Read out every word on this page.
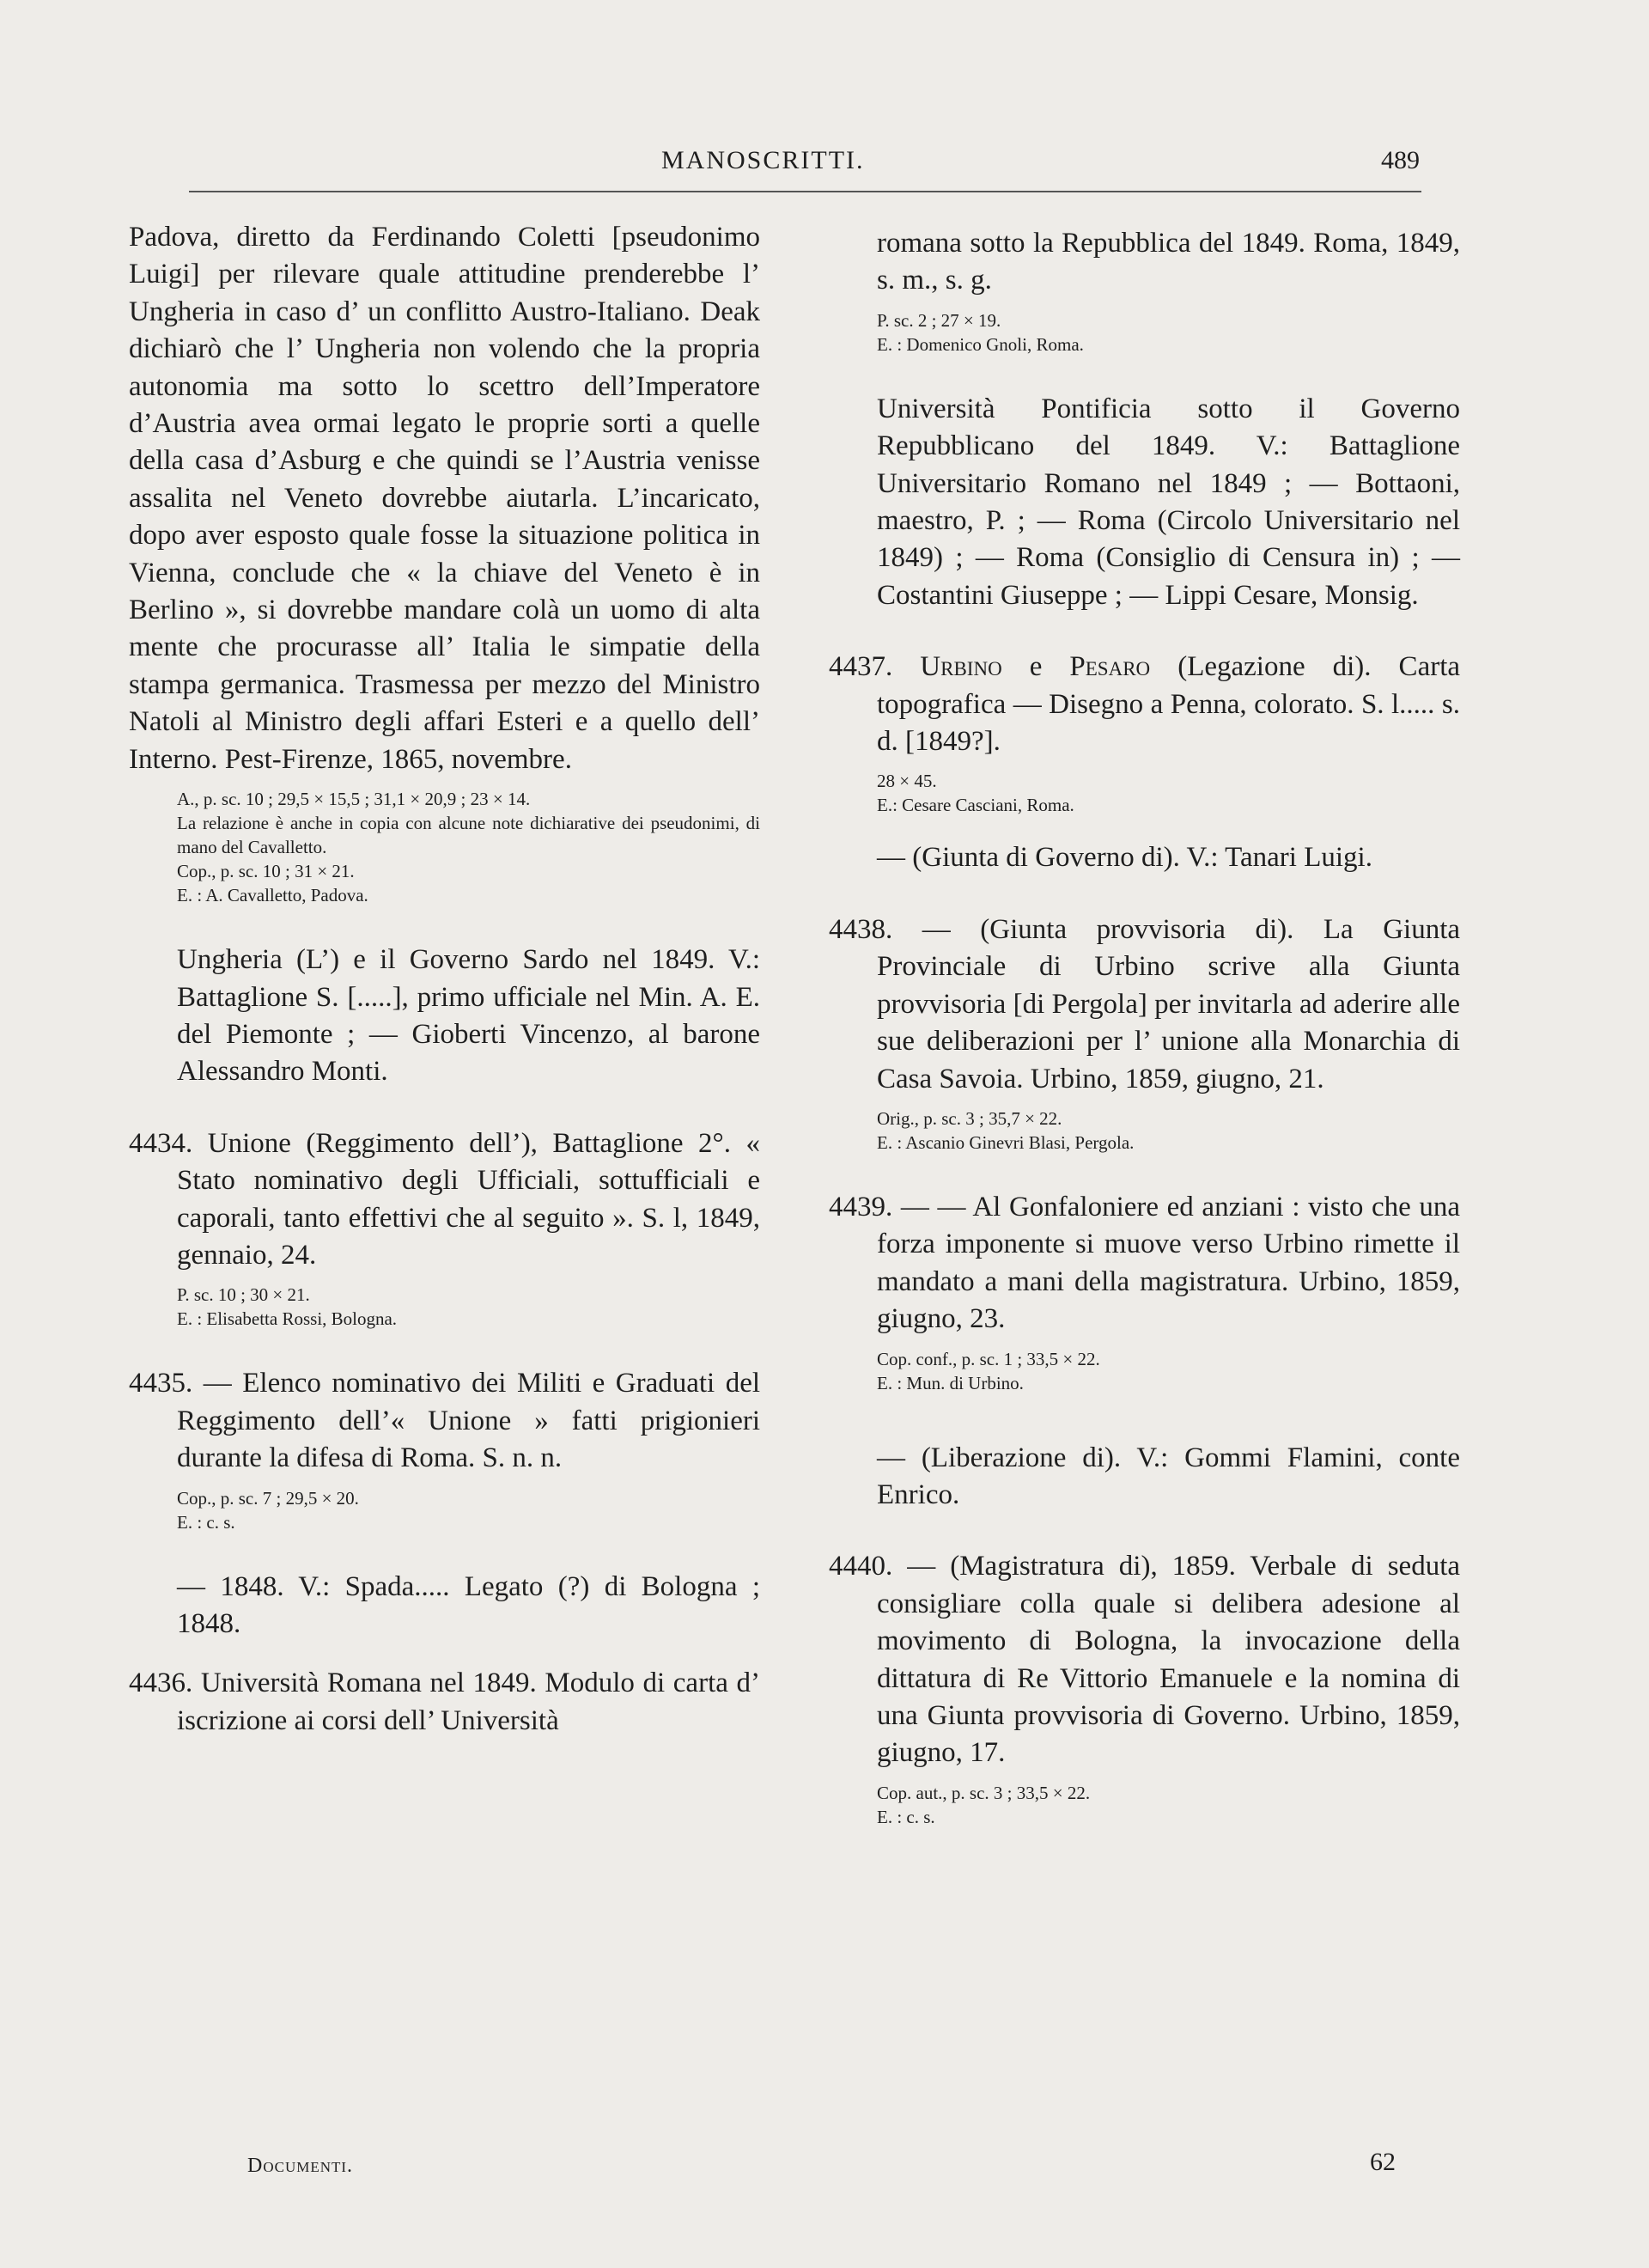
MANOSCRITTI.	489

Padova, diretto da Ferdinando Coletti [pseudonimo Luigi] per rilevare quale attitudine prenderebbe l’ Ungheria in caso d’ un conflitto Austro-Italiano. Deak dichiarò che l’ Ungheria non volendo che la propria autonomia ma sotto lo scettro dell’Imperatore d’Austria avea ormai legato le proprie sorti a quelle della casa d’Asburg e che quindi se l’Austria venisse assalita nel Veneto dovrebbe aiutarla. L’incaricato, dopo aver esposto quale fosse la situazione politica in Vienna, conclude che « la chiave del Veneto è in Berlino », si dovrebbe mandare colà un uomo di alta mente che procurasse all’ Italia le simpatie della stampa germanica. Trasmessa per mezzo del Ministro Natoli al Ministro degli affari Esteri e a quello dell’ Interno. Pest-Firenze, 1865, novembre.

A., p. sc. 10 ; 29,5 × 15,5 ; 31,1 × 20,9 ; 23 × 14.

La relazione è anche in copia con alcune note dichiarative dei pseudonimi, di mano del Cavalletto.

Cop., p. sc. 10 ; 31 × 21.

E. : A. Cavalletto, Padova.

Ungheria (L’) e il Governo Sardo nel 1849. V.: Battaglione S. [.....], primo ufficiale nel Min. A. E. del Piemonte ; — Gioberti Vincenzo, al barone Alessandro Monti.

4434. Unione (Reggimento dell’), Battaglione 2°. « Stato nominativo degli Ufficiali, sottufficiali e caporali, tanto effettivi che al seguito ». S. l, 1849, gennaio, 24.

P. sc. 10 ; 30 × 21.

E. : Elisabetta Rossi, Bologna.

4435. — Elenco nominativo dei Militi e Graduati del Reggimento dell’« Unione » fatti prigionieri durante la difesa di Roma. S. n. n.

Cop., p. sc. 7 ; 29,5 × 20.

E. : c. s.

— 1848. V.: Spada..... Legato (?) di Bologna ; 1848.

4436. Università Romana nel 1849. Modulo di carta d’ iscrizione ai corsi dell’ Università

Documenti.

romana sotto la Repubblica del 1849. Roma, 1849, s. m., s. g.

P. sc. 2 ; 27 × 19.

E. : Domenico Gnoli, Roma.

Università Pontificia sotto il Governo Repubblicano del 1849. V.: Battaglione Universitario Romano nel 1849 ; — Bottaoni, maestro, P. ; — Roma (Circolo Universitario nel 1849) ; — Roma (Consiglio di Censura in) ; — Costantini Giuseppe ; — Lippi Cesare, Monsig.

4437. Urbino e Pesaro (Legazione di). Carta topografica — Disegno a Penna, colorato. S. l..... s. d. [1849?].

28 × 45.

E.: Cesare Casciani, Roma.

— (Giunta di Governo di). V.: Tanari Luigi.

4438. — (Giunta provvisoria di). La Giunta Provinciale di Urbino scrive alla Giunta provvisoria [di Pergola] per invitarla ad aderire alle sue deliberazioni per l’ unione alla Monarchia di Casa Savoia. Urbino, 1859, giugno, 21.

Orig., p. sc. 3 ; 35,7 × 22.

E. : Ascanio Ginevri Blasi, Pergola.

4439. — — Al Gonfaloniere ed anziani : visto che una forza imponente si muove verso Urbino rimette il mandato a mani della magistratura. Urbino, 1859, giugno, 23.

Cop. conf., p. sc. 1 ; 33,5 × 22.

E. : Mun. di Urbino.

— (Liberazione di). V.: Gommi Flamini, conte Enrico.

4440. — (Magistratura di), 1859. Verbale di seduta consigliare colla quale si delibera adesione al movimento di Bologna, la invocazione della dittatura di Re Vittorio Emanuele e la nomina di una Giunta provvisoria di Governo. Urbino, 1859, giugno, 17.

Cop. aut., p. sc. 3 ; 33,5 × 22.

E. : c. s.

62
